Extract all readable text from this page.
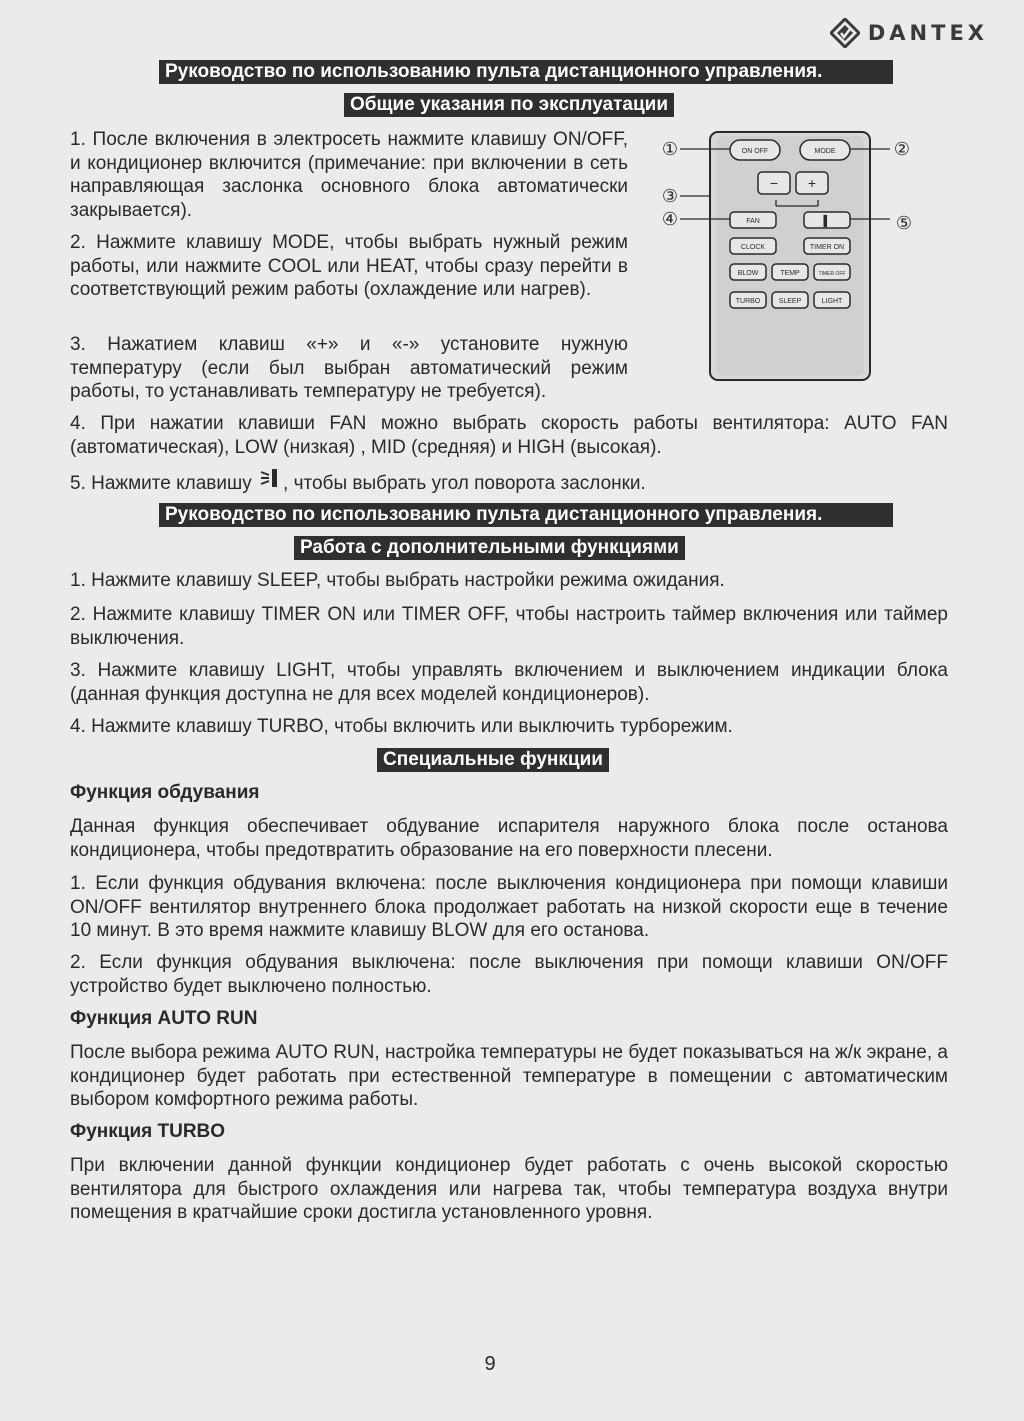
DANTEX
Руководство по использованию пульта дистанционного управления.
Общие указания по эксплуатации

1. После включения в электросеть нажмите клавишу ON/OFF, и кондиционер включится (примечание: при включении в сеть направляющая заслонка основного блока автоматически закрывается).

2. Нажмите клавишу MODE, чтобы выбрать нужный режим работы, или нажмите COOL или HEAT, чтобы сразу перейти в соответствующий режим работы (охлаждение или нагрев).

3. Нажатием клавиш «+» и «-» установите нужную температуру (если был выбран автоматический режим работы, то устанавливать температуру не требуется).

4. При нажатии клавиши FAN можно выбрать скорость работы вентилятора: AUTO FAN (автоматическая), LOW (низкая) , MID (средняя) и HIGH (высокая).

5. Нажмите клавишу , чтобы выбрать угол поворота заслонки.

①	②
③
④	⑤
ON OFF	MODE
− +
FAN	▌
CLOCK	TIMER ON
BLOW	TEMP	TIMER OFF
TURBO	SLEEP	LIGHT
Руководство по использованию пульта дистанционного управления.
Работа с дополнительными функциями

1. Нажмите клавишу SLEEP, чтобы выбрать настройки режима ожидания.

2. Нажмите клавишу TIMER ON или TIMER OFF, чтобы настроить таймер включения или таймер выключения.

3. Нажмите клавишу LIGHT, чтобы управлять включением и выключением индикации блока (данная функция доступна не для всех моделей кондиционеров).

4. Нажмите клавишу TURBO, чтобы включить или выключить турборежим.

Специальные функции

Функция обдувания

Данная функция обеспечивает обдувание испарителя наружного блока после останова кондиционера, чтобы предотвратить образование на его поверхности плесени.

1. Если функция обдувания включена: после выключения кондиционера при помощи клавиши ON/OFF вентилятор внутреннего блока продолжает работать на низкой скорости еще в течение 10 минут. В это время нажмите клавишу BLOW для его останова.

2. Если функция обдувания выключена: после выключения при помощи клавиши ON/OFF устройство будет выключено полностью.

Функция AUTO RUN

После выбора режима AUTO RUN, настройка температуры не будет показываться на ж/к экране, а кондиционер будет работать при естественной температуре в помещении с автоматическим выбором комфортного режима работы.

Функция TURBO

При включении данной функции кондиционер будет работать с очень высокой скоростью вентилятора для быстрого охлаждения или нагрева так, чтобы температура воздуха внутри помещения в кратчайшие сроки достигла установленного уровня.

9
